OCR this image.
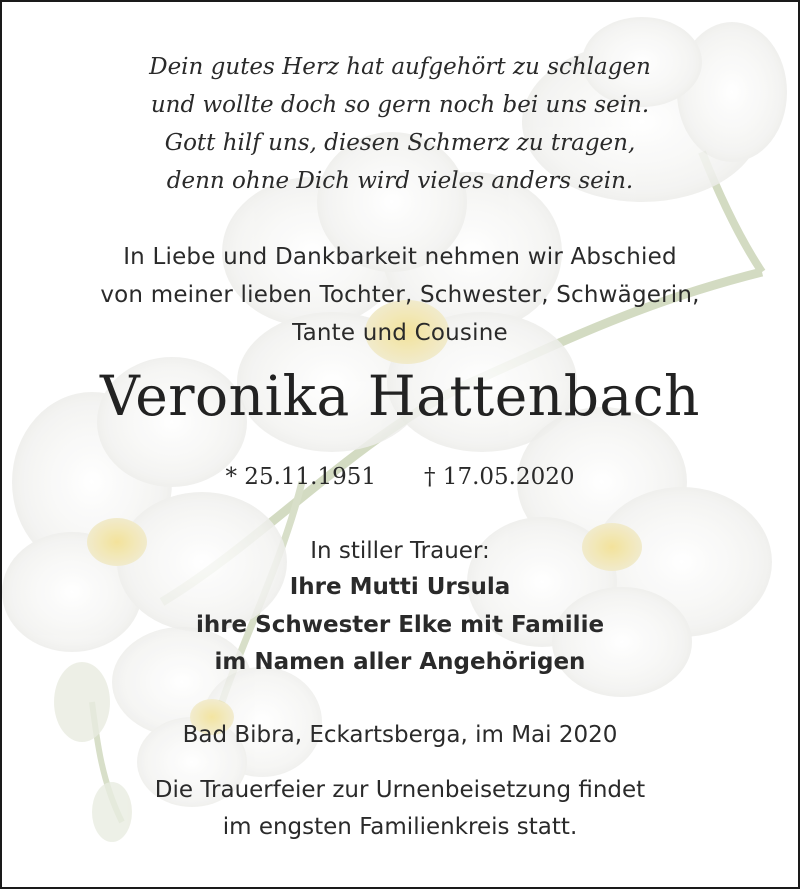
Dein gutes Herz hat aufgehört zu schlagen
und wollte doch so gern noch bei uns sein.
Gott hilf uns, diesen Schmerz zu tragen,
denn ohne Dich wird vieles anders sein.
In Liebe und Dankbarkeit nehmen wir Abschied
von meiner lieben Tochter, Schwester, Schwägerin,
Tante und Cousine
Veronika Hattenbach
* 25.11.1951 † 17.05.2020
In stiller Trauer:
Ihre Mutti Ursula
ihre Schwester Elke mit Familie
im Namen aller Angehörigen
Bad Bibra, Eckartsberga, im Mai 2020
Die Trauerfeier zur Urnenbeisetzung findet
im engsten Familienkreis statt.
